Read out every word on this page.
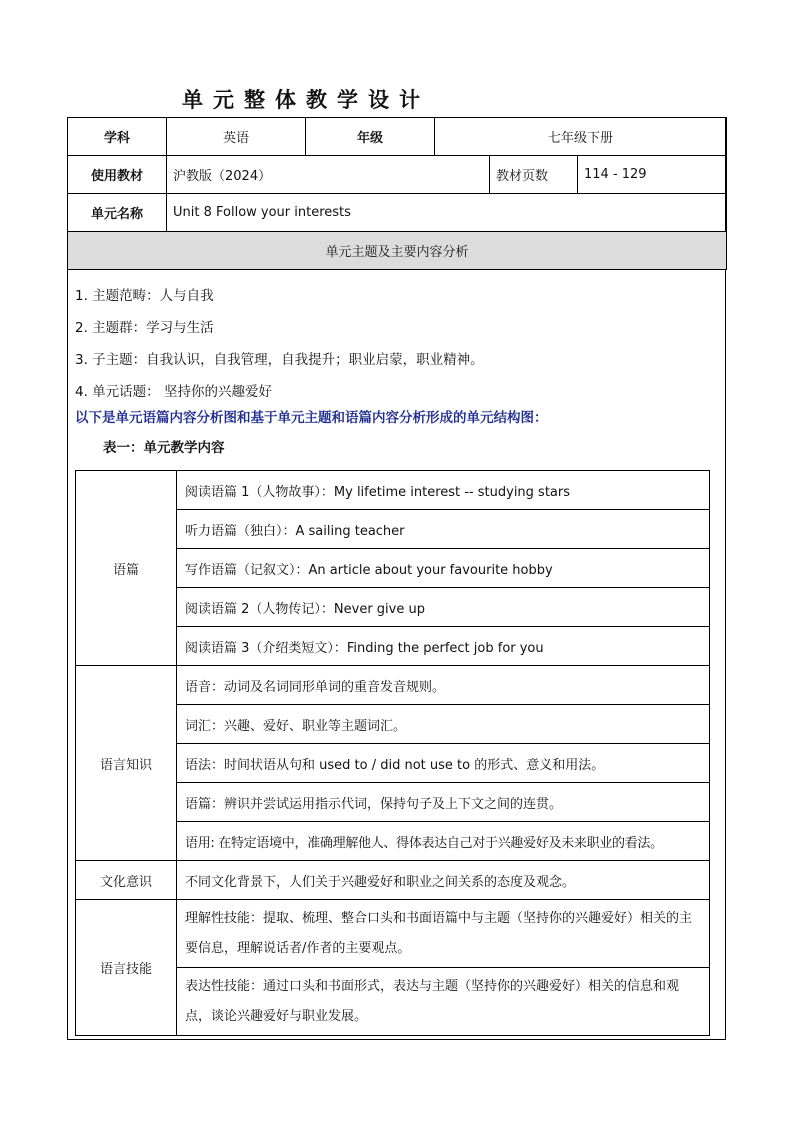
单元整体教学设计
学科	英语	年级	七年级下册		
使用教材	沪教版（2024）			教材页数	114 - 129
单元名称	Unit 8 Follow your interests				
单元主题及主要内容分析					

1. 主题范畴：人与自我

2. 主题群：学习与生活

3. 子主题：自我认识，自我管理，自我提升；职业启蒙，职业精神。

4. 单元话题： 坚持你的兴趣爱好

以下是单元语篇内容分析图和基于单元主题和语篇内容分析形成的单元结构图：

表一：单元教学内容

语篇	阅读语篇 1（人物故事）：My lifetime interest -- studying stars
	听力语篇（独白）：A sailing teacher
	写作语篇（记叙文）：An article about your favourite hobby
	阅读语篇 2（人物传记）：Never give up
	阅读语篇 3（介绍类短文）：Finding the perfect job for you
语言知识	语音：动词及名词同形单词的重音发音规则。
	词汇：兴趣、爱好、职业等主题词汇。
	语法：时间状语从句和 used to / did not use to 的形式、意义和用法。
	语篇：辨识并尝试运用指示代词，保持句子及上下文之间的连贯。
	语用: 在特定语境中，准确理解他人、得体表达自己对于兴趣爱好及未来职业的看法。
文化意识	不同文化背景下，人们关于兴趣爱好和职业之间关系的态度及观念。
语言技能	理解性技能：提取、梳理、整合口头和书面语篇中与主题（坚持你的兴趣爱好）相关的主要信息，理解说话者/作者的主要观点。
	表达性技能：通过口头和书面形式，表达与主题（坚持你的兴趣爱好）相关的信息和观点，谈论兴趣爱好与职业发展。
